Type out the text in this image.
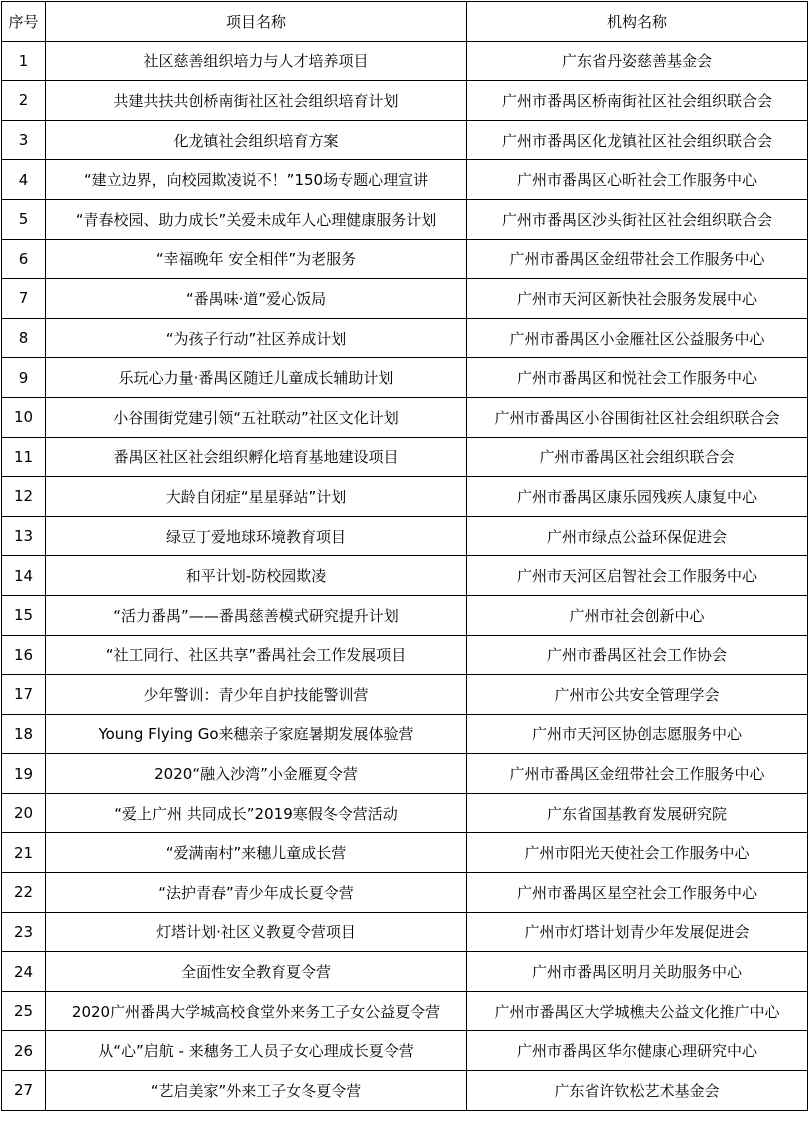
序号	项目名称	机构名称
1	社区慈善组织培力与人才培养项目	广东省丹姿慈善基金会
2	共建共扶共创桥南街社区社会组织培育计划	广州市番禺区桥南街社区社会组织联合会
3	化龙镇社会组织培育方案	广州市番禺区化龙镇社区社会组织联合会
4	“建立边界，向校园欺凌说不！”150场专题心理宣讲	广州市番禺区心昕社会工作服务中心
5	“青春校园、助力成长”关爱未成年人心理健康服务计划	广州市番禺区沙头街社区社会组织联合会
6	“幸福晚年 安全相伴”为老服务	广州市番禺区金纽带社会工作服务中心
7	“番禺味·道”爱心饭局	广州市天河区新快社会服务发展中心
8	“为孩子行动”社区养成计划	广州市番禺区小金雁社区公益服务中心
9	乐玩心力量·番禺区随迁儿童成长辅助计划	广州市番禺区和悦社会工作服务中心
10	小谷围街党建引领“五社联动”社区文化计划	广州市番禺区小谷围街社区社会组织联合会
11	番禺区社区社会组织孵化培育基地建设项目	广州市番禺区社会组织联合会
12	大龄自闭症“星星驿站”计划	广州市番禺区康乐园残疾人康复中心
13	绿豆丁爱地球环境教育项目	广州市绿点公益环保促进会
14	和平计划-防校园欺凌	广州市天河区启智社会工作服务中心
15	“活力番禺”——番禺慈善模式研究提升计划	广州市社会创新中心
16	“社工同行、社区共享”番禺社会工作发展项目	广州市番禺区社会工作协会
17	少年警训：青少年自护技能警训营	广州市公共安全管理学会
18	Young Flying Go来穗亲子家庭暑期发展体验营	广州市天河区协创志愿服务中心
19	2020“融入沙湾”小金雁夏令营	广州市番禺区金纽带社会工作服务中心
20	“爱上广州 共同成长”2019寒假冬令营活动	广东省国基教育发展研究院
21	“爱满南村”来穗儿童成长营	广州市阳光天使社会工作服务中心
22	“法护青春”青少年成长夏令营	广州市番禺区星空社会工作服务中心
23	灯塔计划·社区义教夏令营项目	广州市灯塔计划青少年发展促进会
24	全面性安全教育夏令营	广州市番禺区明月关助服务中心
25	2020广州番禺大学城高校食堂外来务工子女公益夏令营	广州市番禺区大学城樵夫公益文化推广中心
26	从“心”启航 - 来穗务工人员子女心理成长夏令营	广州市番禺区华尔健康心理研究中心
27	“艺启美家”外来工子女冬夏令营	广东省许钦松艺术基金会
